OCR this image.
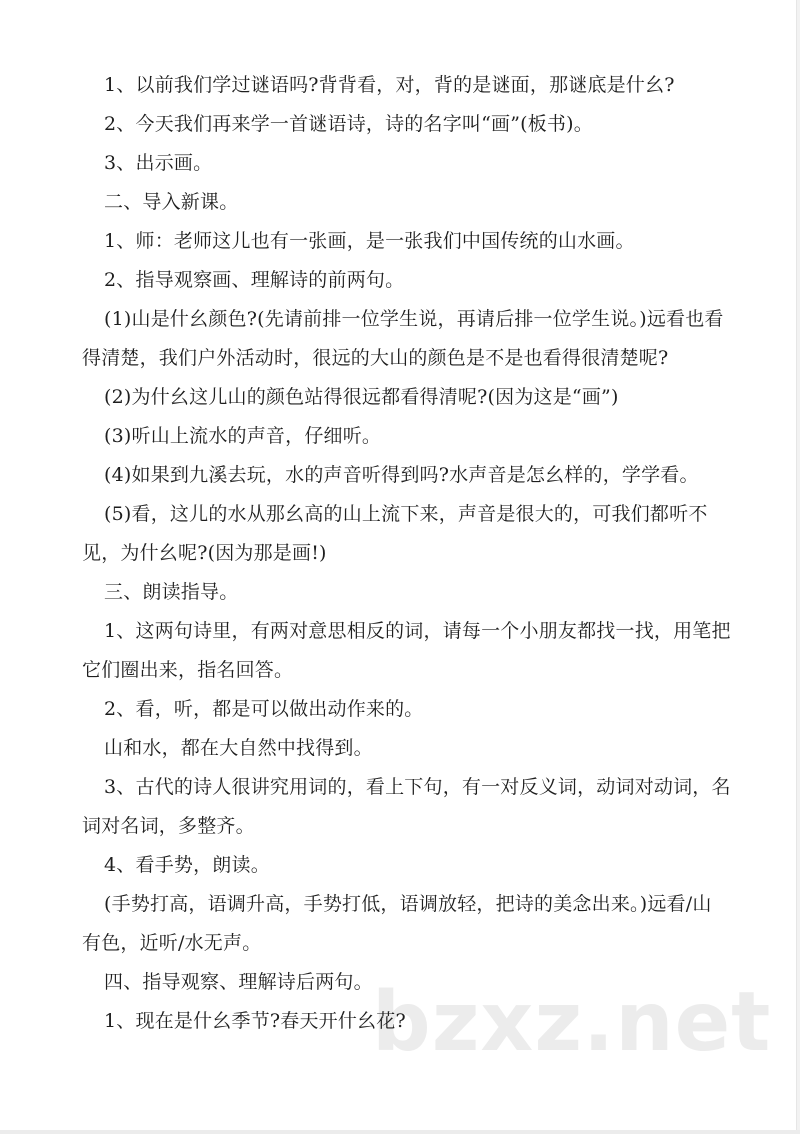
bzxz.net
1、以前我们学过谜语吗?背背看，对，背的是谜面，那谜底是什幺?
2、今天我们再来学一首谜语诗，诗的名字叫“画”(板书)。
3、出示画。
二、导入新课。
1、师：老师这儿也有一张画，是一张我们中国传统的山水画。
2、指导观察画、理解诗的前两句。
(1)山是什幺颜色?(先请前排一位学生说，再请后排一位学生说。)远看也看
得清楚，我们户外活动时，很远的大山的颜色是不是也看得很清楚呢?
(2)为什幺这儿山的颜色站得很远都看得清呢?(因为这是“画”)
(3)听山上流水的声音，仔细听。
(4)如果到九溪去玩，水的声音听得到吗?水声音是怎幺样的，学学看。
(5)看，这儿的水从那幺高的山上流下来，声音是很大的，可我们都听不
见，为什幺呢?(因为那是画!)
三、朗读指导。
1、这两句诗里，有两对意思相反的词，请每一个小朋友都找一找，用笔把
它们圈出来，指名回答。
2、看，听，都是可以做出动作来的。
山和水，都在大自然中找得到。
3、古代的诗人很讲究用词的，看上下句，有一对反义词，动词对动词，名
词对名词，多整齐。
4、看手势，朗读。
(手势打高，语调升高，手势打低，语调放轻，把诗的美念出来。)远看/山
有色，近听/水无声。
四、指导观察、理解诗后两句。
1、现在是什幺季节?春天开什幺花?
